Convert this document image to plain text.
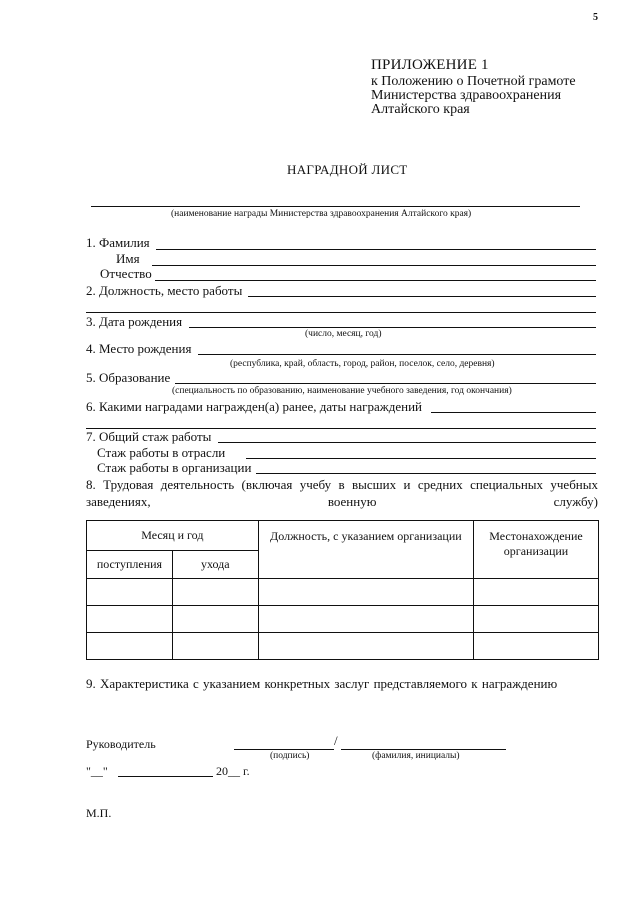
5
ПРИЛОЖЕНИЕ 1
к Положению о Почетной грамоте
Министерства здравоохранения
Алтайского края
НАГРАДНОЙ ЛИСТ
(наименование награды Министерства здравоохранения Алтайского края)
1. Фамилия
Имя
Отчество
2. Должность, место работы
3. Дата рождения
(число, месяц, год)
4. Место рождения
(республика, край, область, город, район, поселок, село, деревня)
5. Образование
(специальность по образованию, наименование учебного заведения, год окончания)
6. Какими наградами награжден(а) ранее, даты награждений
7. Общий стаж работы
Стаж работы в отрасли
Стаж работы в организации
8. Трудовая деятельность (включая учебу в высших и средних специальных учебных заведениях, военную службу)
Месяц и год		Должность, с указанием организации	Местонахождение организации

поступления	ухода		

9. Характеристика с указанием конкретных заслуг представляемого к награждению
Руководитель	/
(подпись)	(фамилия, инициалы)
"__"	20__ г.
М.П.
